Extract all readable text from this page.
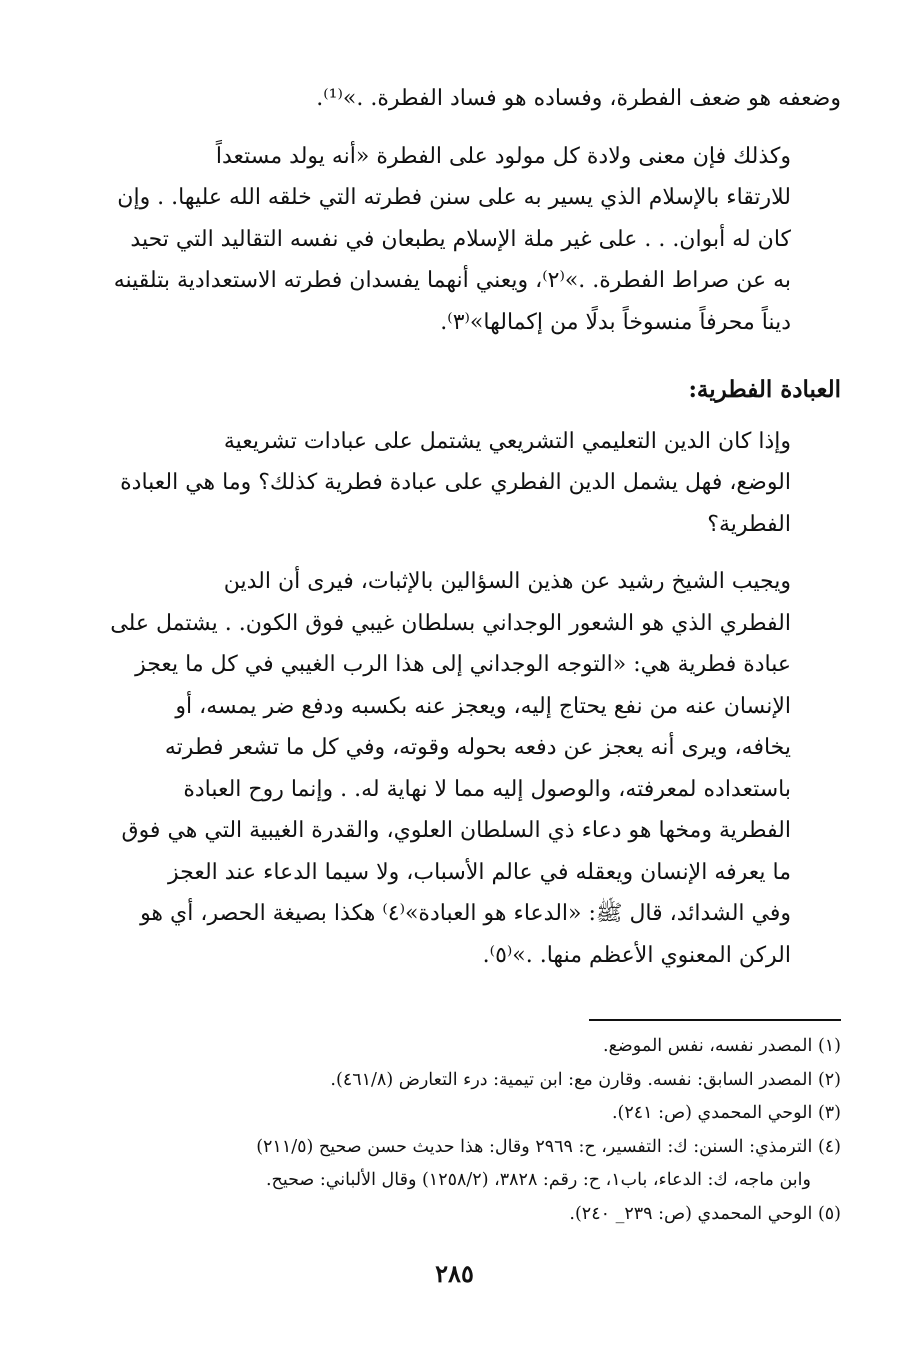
وضعفه هو ضعف الفطرة، وفساده هو فساد الفطرة. .»⁽¹⁾.

وكذلك فإن معنى ولادة كل مولود على الفطرة «أنه يولد مستعداً
للارتقاء بالإسلام الذي يسير به على سنن فطرته التي خلقه الله عليها. . وإن
كان له أبوان. . . على غير ملة الإسلام يطبعان في نفسه التقاليد التي تحيد
به عن صراط الفطرة. .»⁽٢⁾، ويعني أنهما يفسدان فطرته الاستعدادية بتلقينه
ديناً محرفاً منسوخاً بدلًا من إكمالها»⁽٣⁾.

العبادة الفطرية:

وإذا كان الدين التعليمي التشريعي يشتمل على عبادات تشريعية
الوضع، فهل يشمل الدين الفطري على عبادة فطرية كذلك؟ وما هي العبادة
الفطرية؟

ويجيب الشيخ رشيد عن هذين السؤالين بالإثبات، فيرى أن الدين
الفطري الذي هو الشعور الوجداني بسلطان غيبي فوق الكون. . يشتمل على
عبادة فطرية هي: «التوجه الوجداني إلى هذا الرب الغيبي في كل ما يعجز
الإنسان عنه من نفع يحتاج إليه، ويعجز عنه بكسبه ودفع ضر يمسه، أو
يخافه، ويرى أنه يعجز عن دفعه بحوله وقوته، وفي كل ما تشعر فطرته
باستعداده لمعرفته، والوصول إليه مما لا نهاية له. . وإنما روح العبادة
الفطرية ومخها هو دعاء ذي السلطان العلوي، والقدرة الغيبية التي هي فوق
ما يعرفه الإنسان ويعقله في عالم الأسباب، ولا سيما الدعاء عند العجز
وفي الشدائد، قال ﷺ: «الدعاء هو العبادة»⁽٤⁾ هكذا بصيغة الحصر، أي هو
الركن المعنوي الأعظم منها. .»⁽٥⁾.

(١) المصدر نفسه، نفس الموضع.
(٢) المصدر السابق: نفسه. وقارن مع: ابن تيمية: درء التعارض (٤٦١/٨).
(٣) الوحي المحمدي (ص: ٢٤١).
(٤) الترمذي: السنن: ك: التفسير، ح: ٢٩٦٩ وقال: هذا حديث حسن صحيح (٢١١/٥)
وابن ماجه، ك: الدعاء، باب١، ح: رقم: ٣٨٢٨، (١٢٥٨/٢) وقال الألباني: صحيح.
(٥) الوحي المحمدي (ص: ٢٣٩_ ٢٤٠).
٢٨٥
